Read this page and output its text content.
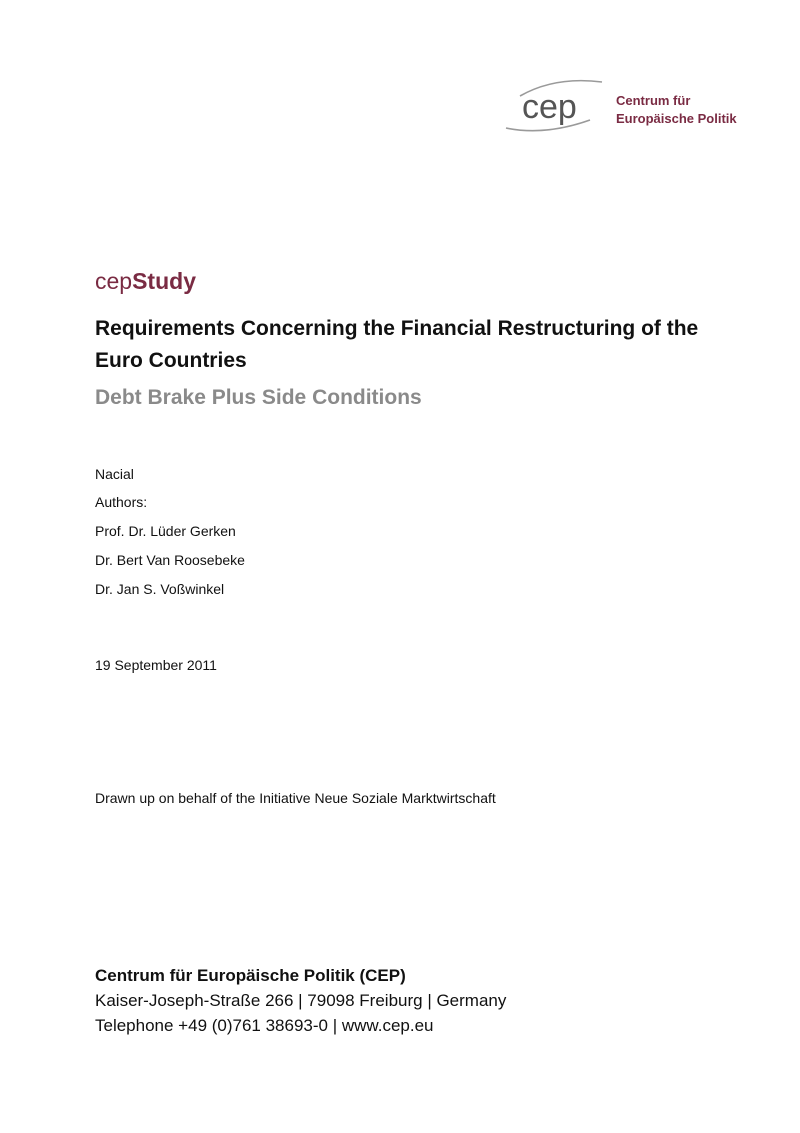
cep	Centrum für
Europäische Politik
cepStudy
Requirements Concerning the Financial Restructuring of the Euro Countries
Debt Brake Plus Side Conditions
Nacial
Authors:
Prof. Dr. Lüder Gerken
Dr. Bert Van Roosebeke
Dr. Jan S. Voßwinkel
19 September 2011
Drawn up on behalf of the Initiative Neue Soziale Marktwirtschaft
Centrum für Europäische Politik (CEP)
Kaiser-Joseph-Straße 266 | 79098 Freiburg | Germany
Telephone +49 (0)761 38693-0 | www.cep.eu
